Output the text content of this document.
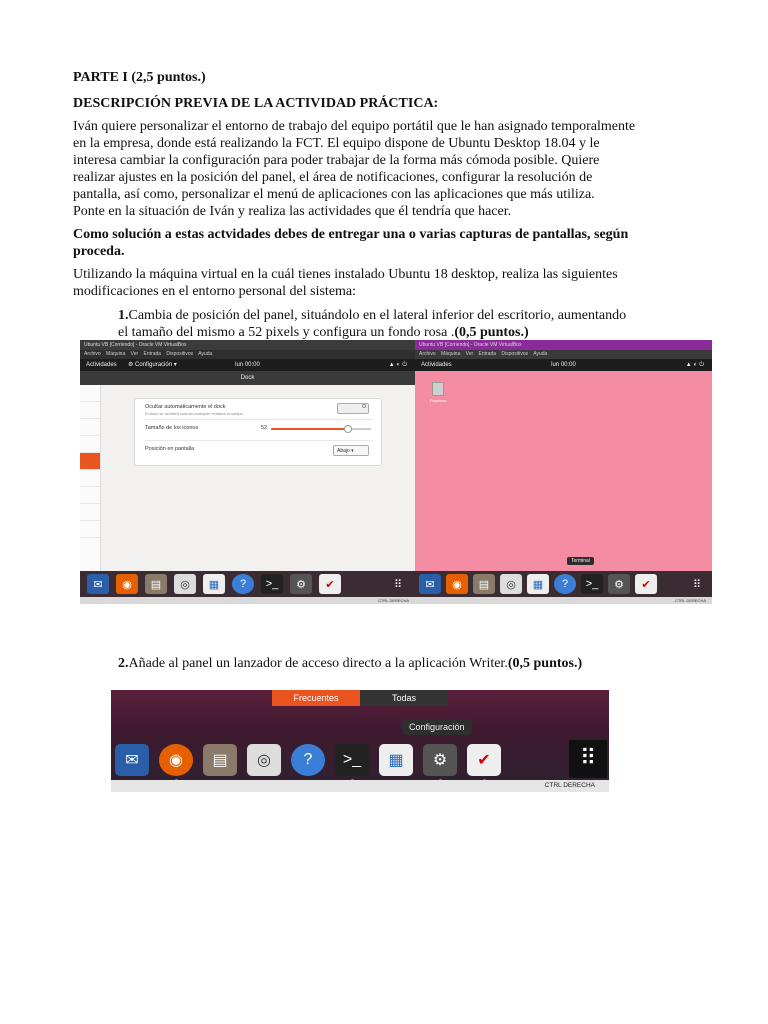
PARTE I (2,5 puntos.)
DESCRIPCIÓN PREVIA DE LA ACTIVIDAD PRÁCTICA:
Iván quiere personalizar el entorno de trabajo del equipo portátil que le han asignado temporalmente
en la empresa, donde está realizando la FCT. El equipo dispone de Ubuntu Desktop 18.04 y le
interesa cambiar la configuración para poder trabajar de la forma más cómoda posible. Quiere
realizar ajustes en la posición del panel, el área de notificaciones, configurar la resolución de
pantalla, así como, personalizar el menú de aplicaciones con las aplicaciones que más utiliza.
Ponte en la situación de Iván y realiza las actividades que él tendría que hacer.
Como solución a estas actvidades debes de entregar una o varias capturas de pantallas, según
proceda.
Utilizando la máquina virtual en la cuál tienes instalado Ubuntu 18 desktop, realiza las siguientes
modificaciones en el entorno personal del sistema:
1.Cambia de posición del panel, situándolo en el lateral inferior del escritorio, aumentando
el tamaño del mismo a 52 pixels y configura un fondo rosa .(0,5 puntos.)
Ubuntu VB [Corriendo] - Oracle VM VirtualBox
Archivo Máquina Ver Entrada Dispositivos Ayuda
Actividades ⚙ Configuración ▾	lun 00:00	▲◐⏻
Dock
Ocultar automáticamente el dock
El dock se ocultará cuando cualquier ventana lo solape.
O
Tamaño de los iconos	52
Posición en pantalla	Abajo ▾
✉	◉	▤	◎	▦	?	>_	⚙	✔	⠿
CTRL DERECHA
Ubuntu VB [Corriendo] - Oracle VM VirtualBox
Archivo Máquina Ver Entrada Dispositivos Ayuda
Actividades	lun 00:00	▲◐⏻
Papelera
Terminal
✉	◉	▤	◎	▦	?	>_	⚙	✔	⠿
CTRL DERECHA
2.Añade al panel un lanzador de acceso directo a la aplicación Writer.(0,5 puntos.)
Frecuentes	Todas
Configuración
✉	◉	▤	◎	?	>_	▦	⚙	✔	⠿
CTRL DERECHA
